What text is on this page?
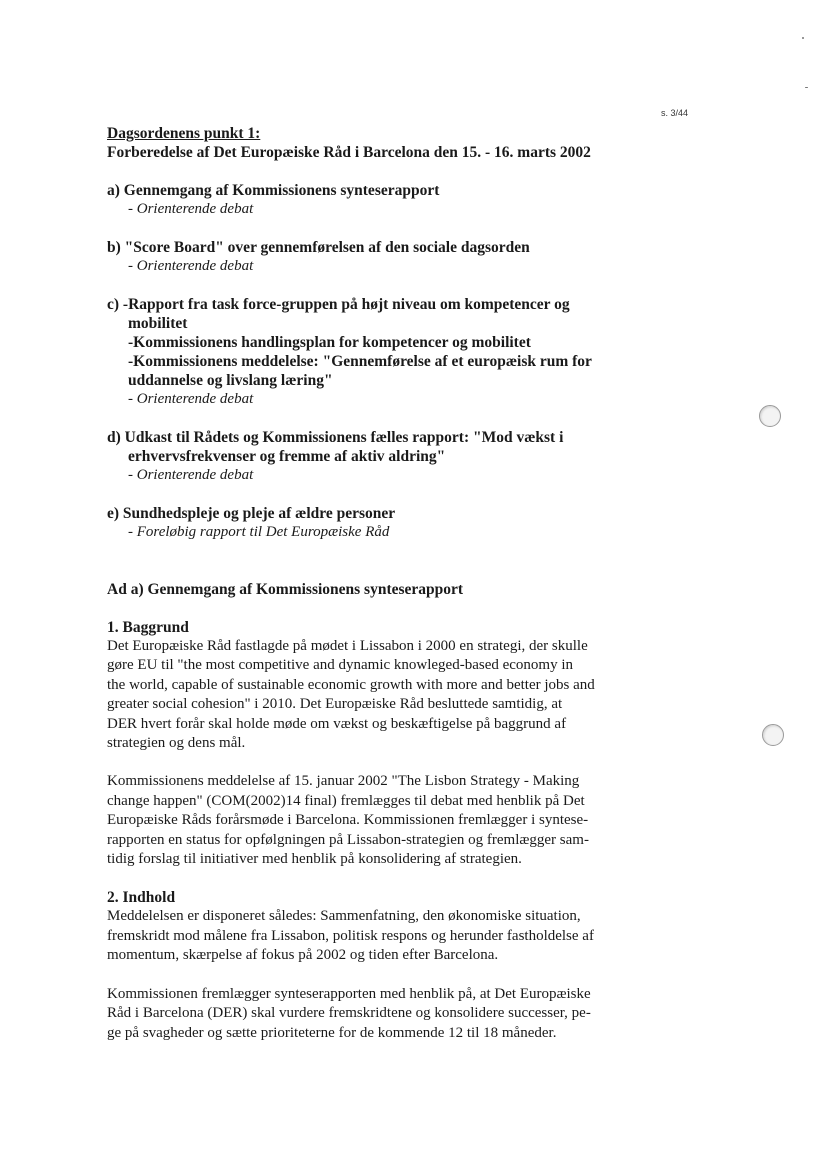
s. 3/44
Dagsordenens punkt 1:
Forberedelse af Det Europæiske Råd i Barcelona den 15. - 16. marts 2002
a) Gennemgang af Kommissionens synteserapport
- Orienterende debat
b) "Score Board" over gennemførelsen af den sociale dagsorden
- Orienterende debat
c) -Rapport fra task force-gruppen på højt niveau om kompetencer og
mobilitet
-Kommissionens handlingsplan for kompetencer og mobilitet
-Kommissionens meddelelse: "Gennemførelse af et europæisk rum for
uddannelse og livslang læring"
- Orienterende debat
d) Udkast til Rådets og Kommissionens fælles rapport: "Mod vækst i
erhvervsfrekvenser og fremme af aktiv aldring"
- Orienterende debat
e) Sundhedspleje og pleje af ældre personer
- Foreløbig rapport til Det Europæiske Råd
Ad a) Gennemgang af Kommissionens synteserapport
1. Baggrund

Det Europæiske Råd fastlagde på mødet i Lissabon i 2000 en strategi, der skulle

gøre EU til "the most competitive and dynamic knowleged-based economy in

the world, capable of sustainable economic growth with more and better jobs and

greater social cohesion" i 2010. Det Europæiske Råd besluttede samtidig, at

DER hvert forår skal holde møde om vækst og beskæftigelse på baggrund af

strategien og dens mål.

Kommissionens meddelelse af 15. januar 2002 "The Lisbon Strategy - Making

change happen" (COM(2002)14 final) fremlægges til debat med henblik på Det

Europæiske Råds forårsmøde i Barcelona. Kommissionen fremlægger i syntese-

rapporten en status for opfølgningen på Lissabon-strategien og fremlægger sam-

tidig forslag til initiativer med henblik på konsolidering af strategien.

2. Indhold

Meddelelsen er disponeret således: Sammenfatning, den økonomiske situation,

fremskridt mod målene fra Lissabon, politisk respons og herunder fastholdelse af

momentum, skærpelse af fokus på 2002 og tiden efter Barcelona.

Kommissionen fremlægger synteserapporten med henblik på, at Det Europæiske

Råd i Barcelona (DER) skal vurdere fremskridtene og konsolidere successer, pe-

ge på svagheder og sætte prioriteterne for de kommende 12 til 18 måneder.
